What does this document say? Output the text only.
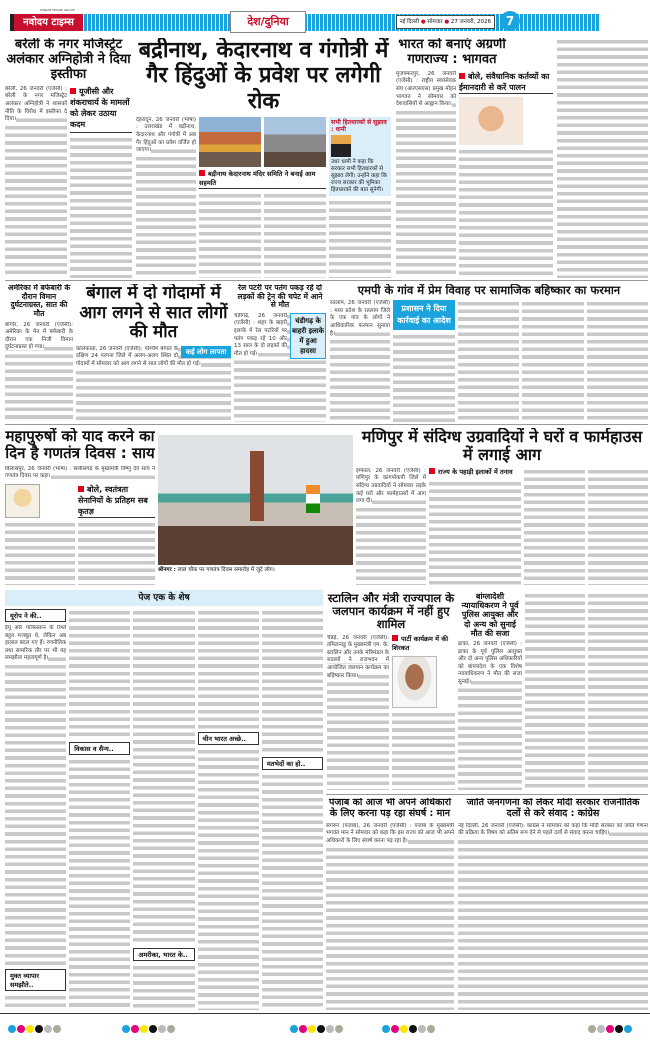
PUNJAB KESARI GROUP
नवोदय टाइम्स	देश/दुनिया	नई दिल्ली ● सोमवार ● 27 जनवरी, 2026	7
बरेली के नगर मजिस्ट्रेट अलंकार अग्निहोत्री ने दिया इस्तीफा
बरेली, 26 जनवरी (एजेंसी) : बरेली के नगर मजिस्ट्रेट अलंकार अग्निहोत्री ने शासकों नीति के विरोध में इस्तीफा दे दिया।
यूजीसी और शंकराचार्य के मामलों को लेकर उठाया कदम
बद्रीनाथ, केदारनाथ व गंगोत्री में गैर हिंदुओं के प्रवेश पर लगेगी रोक
देहरादून, 26 जनवरी (भाषा) : उत्तराखंड में बद्रीनाथ, केदारनाथ और गंगोत्री में अब गैर हिंदुओं का प्रवेश वर्जित हो जाएगा।
बद्रीनाथ केदारनाथ मंदिर समिति ने बनाई आम सहमति
सभी हितधारकों से सुझाव : धामी
उधर धामी ने कहा कि सरकार सभी हितधारकों से सुझाव लेगी। उन्होंने कहा कि राज्य सरकार की भूमिका हितधारकों की बात सुनेगी।
भारत को बनाएं अग्रणी गणराज्य : भागवत
मुजफ्फरपुर, 26 जनवरी (एजेंसी) : राष्ट्रीय स्वयंसेवक संघ (आरएसएस) प्रमुख मोहन भागवत ने सोमवार को देशवासियों से आह्वान किया।
बोले, संवैधानिक कर्तव्यों का ईमानदारी से करें पालन
अमेरिका में बर्फबारी के दौरान विमान दुर्घटनाग्रस्त, सात की मौत
बांगोर, 26 जनवरी (एजेंसी): अमेरिका के मेन में बर्फबारी के दौरान एक निजी विमान दुर्घटनाग्रस्त हो गया।
बंगाल में दो गोदामों में आग लगने से सात लोगों की मौत
कई लोग लापता
कोलकाता, 26 जनवरी (एजेंसी): पश्चिम बंगाल के दक्षिण 24 परगना जिले में अलग-अलग स्थित दो गोदामों में सोमवार को आग लगने से सात लोगों की मौत हो गई।
रेल पटरी पर पतंग पकड़ रहे दो लड़कों की ट्रेन की चपेट में आने से मौत
चंडीगढ़ के बाहरी इलाके में हुआ हादसा
चंडीगढ़, 26 जनवरी (एजेंसी) : शहर के बाहरी इलाके में रेल पटरियों पर पतंग पकड़ रहे 10 और 13 साल के दो लड़कों की मौत हो गई।
एमपी के गांव में प्रेम विवाह पर सामाजिक बहिष्कार का फरमान
रतलाम, 26 जनवरी (एजेंसी) : मध्य प्रदेश के रतलाम जिले के एक गांव के लोगों ने आधिकारिक फरमान सुनाया है।
प्रशासन ने दिया कार्रवाई का आदेश
महापुरुषों को याद करने का दिन है गणतंत्र दिवस : साय
बिलासपुर, 26 जनवरी (भाषा) : छत्तीसगढ़ के मुख्यमंत्री विष्णु देव साय ने गणतंत्र दिवस पर कहा।
बोले, स्वतंत्रता सेनानियों के प्रतिहम सब कृतज्ञ
श्रीनगर : लाल चौक पर गणतंत्र दिवस समारोह में जुटे लोग।
मणिपुर में संदिग्ध उग्रवादियों ने घरों व फार्महाउस में लगाई आग
इम्फाल, 26 जनवरी (एजेंसी) : मणिपुर के कांगपोकपी जिले में संदिग्ध उग्रवादियों ने सोमवार तड़के कई घरों और फार्महाउसों में आग लगा दी।
राज्य के पहाड़ी इलाकों में तनाव
पेज एक के शेष
यूरोप ने की..
ईयू और पाकिस्तान के रिश्ते बहुत मजबूत थे, लेकिन अब हालात बदल गए हैं। रणनीतिक तथा सामरिक तौर पर भी यह समझौता महत्वपूर्ण है।
मुक्त व्यापार समझौते..
विकास व सैन्य..
अमरीका, भारत के..
चीन भारत अच्छे..
मतभेदों का हो..
स्टालिन और मंत्री राज्यपाल के जलपान कार्यक्रम में नहीं हुए शामिल
चेन्नई, 26 जनवरी (एजेंसी): तमिलनाडु के मुख्यमंत्री एम. के. स्टालिन और उनके मंत्रिमंडल के सदस्यों ने राजभवन में आयोजित जलपान कार्यक्रम का बहिष्कार किया।
पार्टी कार्यक्रम में की शिरकत
बांग्लादेशी न्यायाधिकरण ने पूर्व पुलिस आयुक्त और दो अन्य को सुनाई मौत की सजा
ढाका, 26 जनवरी (एजेंसी) : ढाका के पूर्व पुलिस आयुक्त और दो अन्य पुलिस अधिकारियों को बांग्लादेश के एक विशेष न्यायाधिकरण ने मौत की सजा सुनाई।
पंजाब को आज भी अपने अधिकारों के लिए करना पड़ रहा संघर्ष : मान
संगरूर (पंजाब), 26 जनवरी (एजेंसी) : पंजाब के मुख्यमंत्री भगवंत मान ने सोमवार को कहा कि इस राज्य को आज भी अपने अधिकारों के लिए संघर्ष करना पड़ रहा है।
जाति जनगणना को लेकर मोदी सरकार राजनीतिक दलों से करे संवाद : कांग्रेस
नई दिल्ली, 26 जनवरी (एजेंसी): कांग्रेस ने सोमवार को कहा कि मोदी सरकार को जाति गणना की प्रक्रिया के विषय को अंतिम रूप देने से पहले दलों से संवाद करना चाहिए।
